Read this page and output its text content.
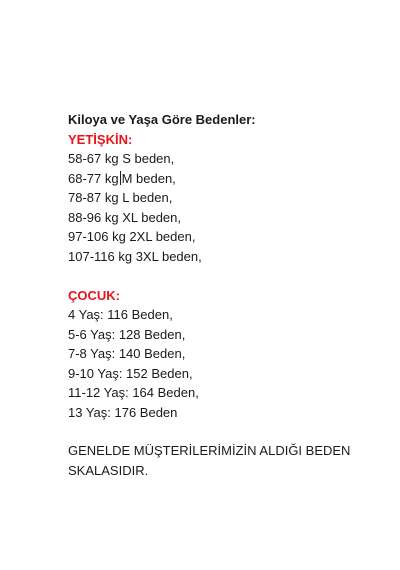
Kiloya ve Yaşa Göre Bedenler:
YETİŞKİN:
58-67 kg S beden,
68-77 kg M beden,
78-87 kg L beden,
88-96 kg XL beden,
97-106 kg 2XL beden,
107-116 kg 3XL beden,
ÇOCUK:
4 Yaş: 116 Beden,
5-6 Yaş: 128 Beden,
7-8 Yaş: 140 Beden,
9-10 Yaş: 152 Beden,
11-12 Yaş: 164 Beden,
13 Yaş: 176 Beden
GENELDE MÜŞTERİLERİMİZİN ALDIĞI BEDEN
SKALASIDIR.
